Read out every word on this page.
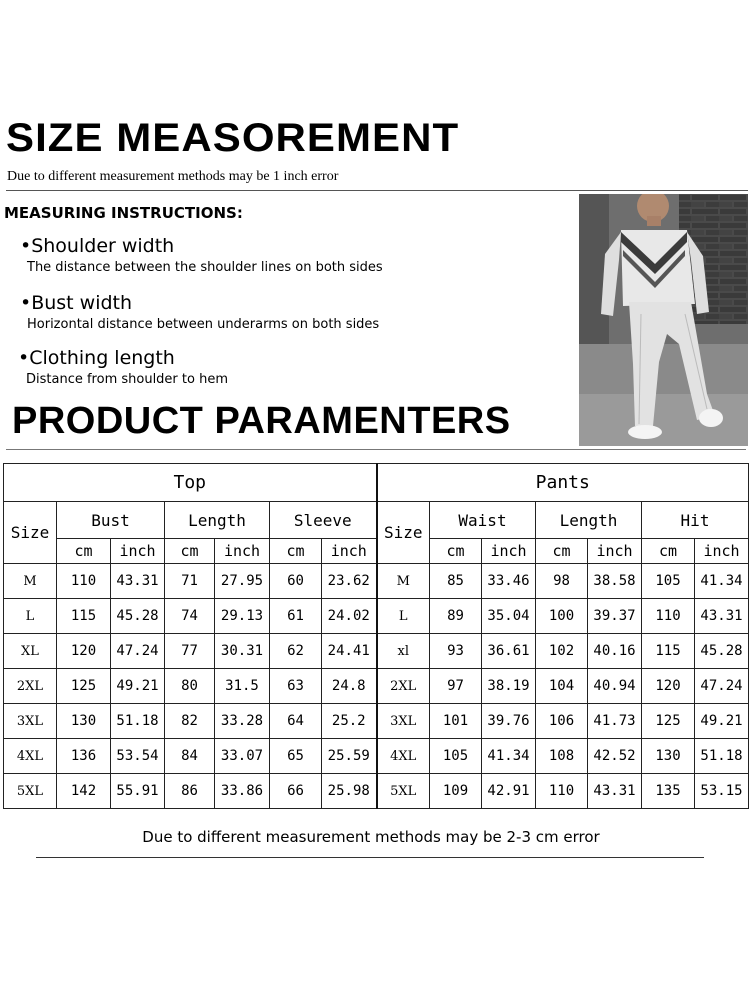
SIZE MEASOREMENT
Due to different measurement methods may be 1 inch error
MEASURING INSTRUCTIONS:
•Shoulder width
The distance between the shoulder lines on both sides
•Bust width
Horizontal distance between underarms on both sides
•Clothing length
Distance from shoulder to hem
PRODUCT PARAMENTERS
Top							Pants						
Size	Bust		Length		Sleeve		Size	Waist		Length		Hit	
	cm	inch	cm	inch	cm	inch		cm	inch	cm	inch	cm	inch
M	110	43.31	71	27.95	60	23.62	M	85	33.46	98	38.58	105	41.34
L	115	45.28	74	29.13	61	24.02	L	89	35.04	100	39.37	110	43.31
XL	120	47.24	77	30.31	62	24.41	xl	93	36.61	102	40.16	115	45.28
2XL	125	49.21	80	31.5	63	24.8	2XL	97	38.19	104	40.94	120	47.24
3XL	130	51.18	82	33.28	64	25.2	3XL	101	39.76	106	41.73	125	49.21
4XL	136	53.54	84	33.07	65	25.59	4XL	105	41.34	108	42.52	130	51.18
5XL	142	55.91	86	33.86	66	25.98	5XL	109	42.91	110	43.31	135	53.15
Due to different measurement methods may be 2-3 cm error
